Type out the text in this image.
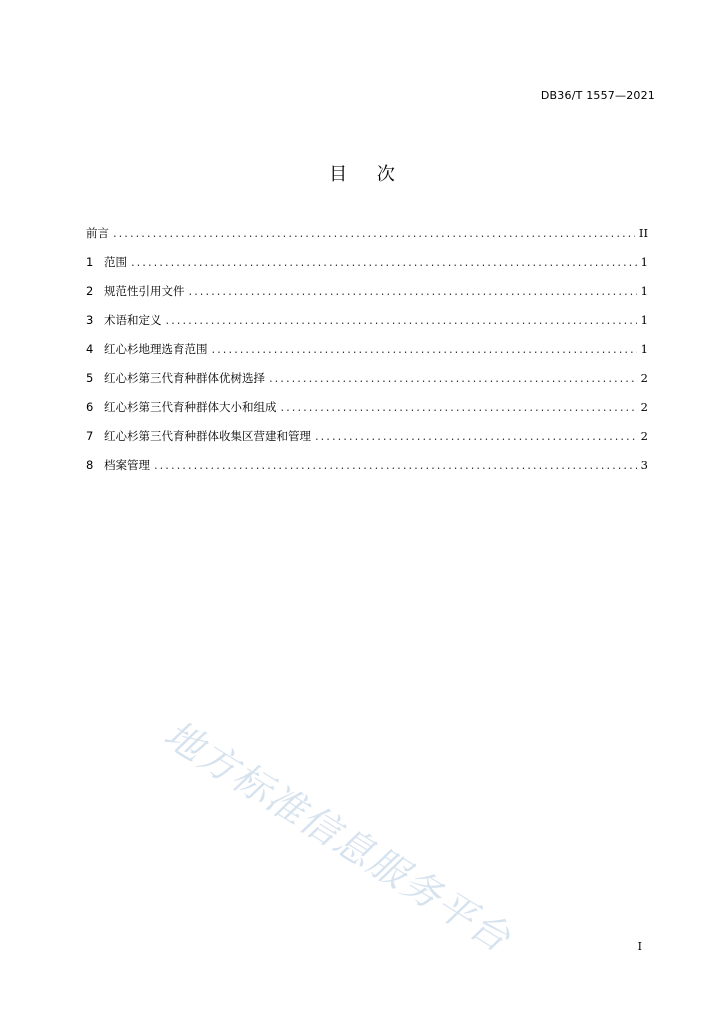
DB36/T 1557—2021
目 次
前言 .....	II
1 范围 .....	1
2 规范性引用文件 .....	1
3 术语和定义 .....	1
4 红心杉地理选育范围 .....	1
5 红心杉第三代育种群体优树选择 .....	2
6 红心杉第三代育种群体大小和组成 .....	2
7 红心杉第三代育种群体收集区营建和管理 .....	2
8 档案管理 .....	3
地方标准信息服务平台	I
